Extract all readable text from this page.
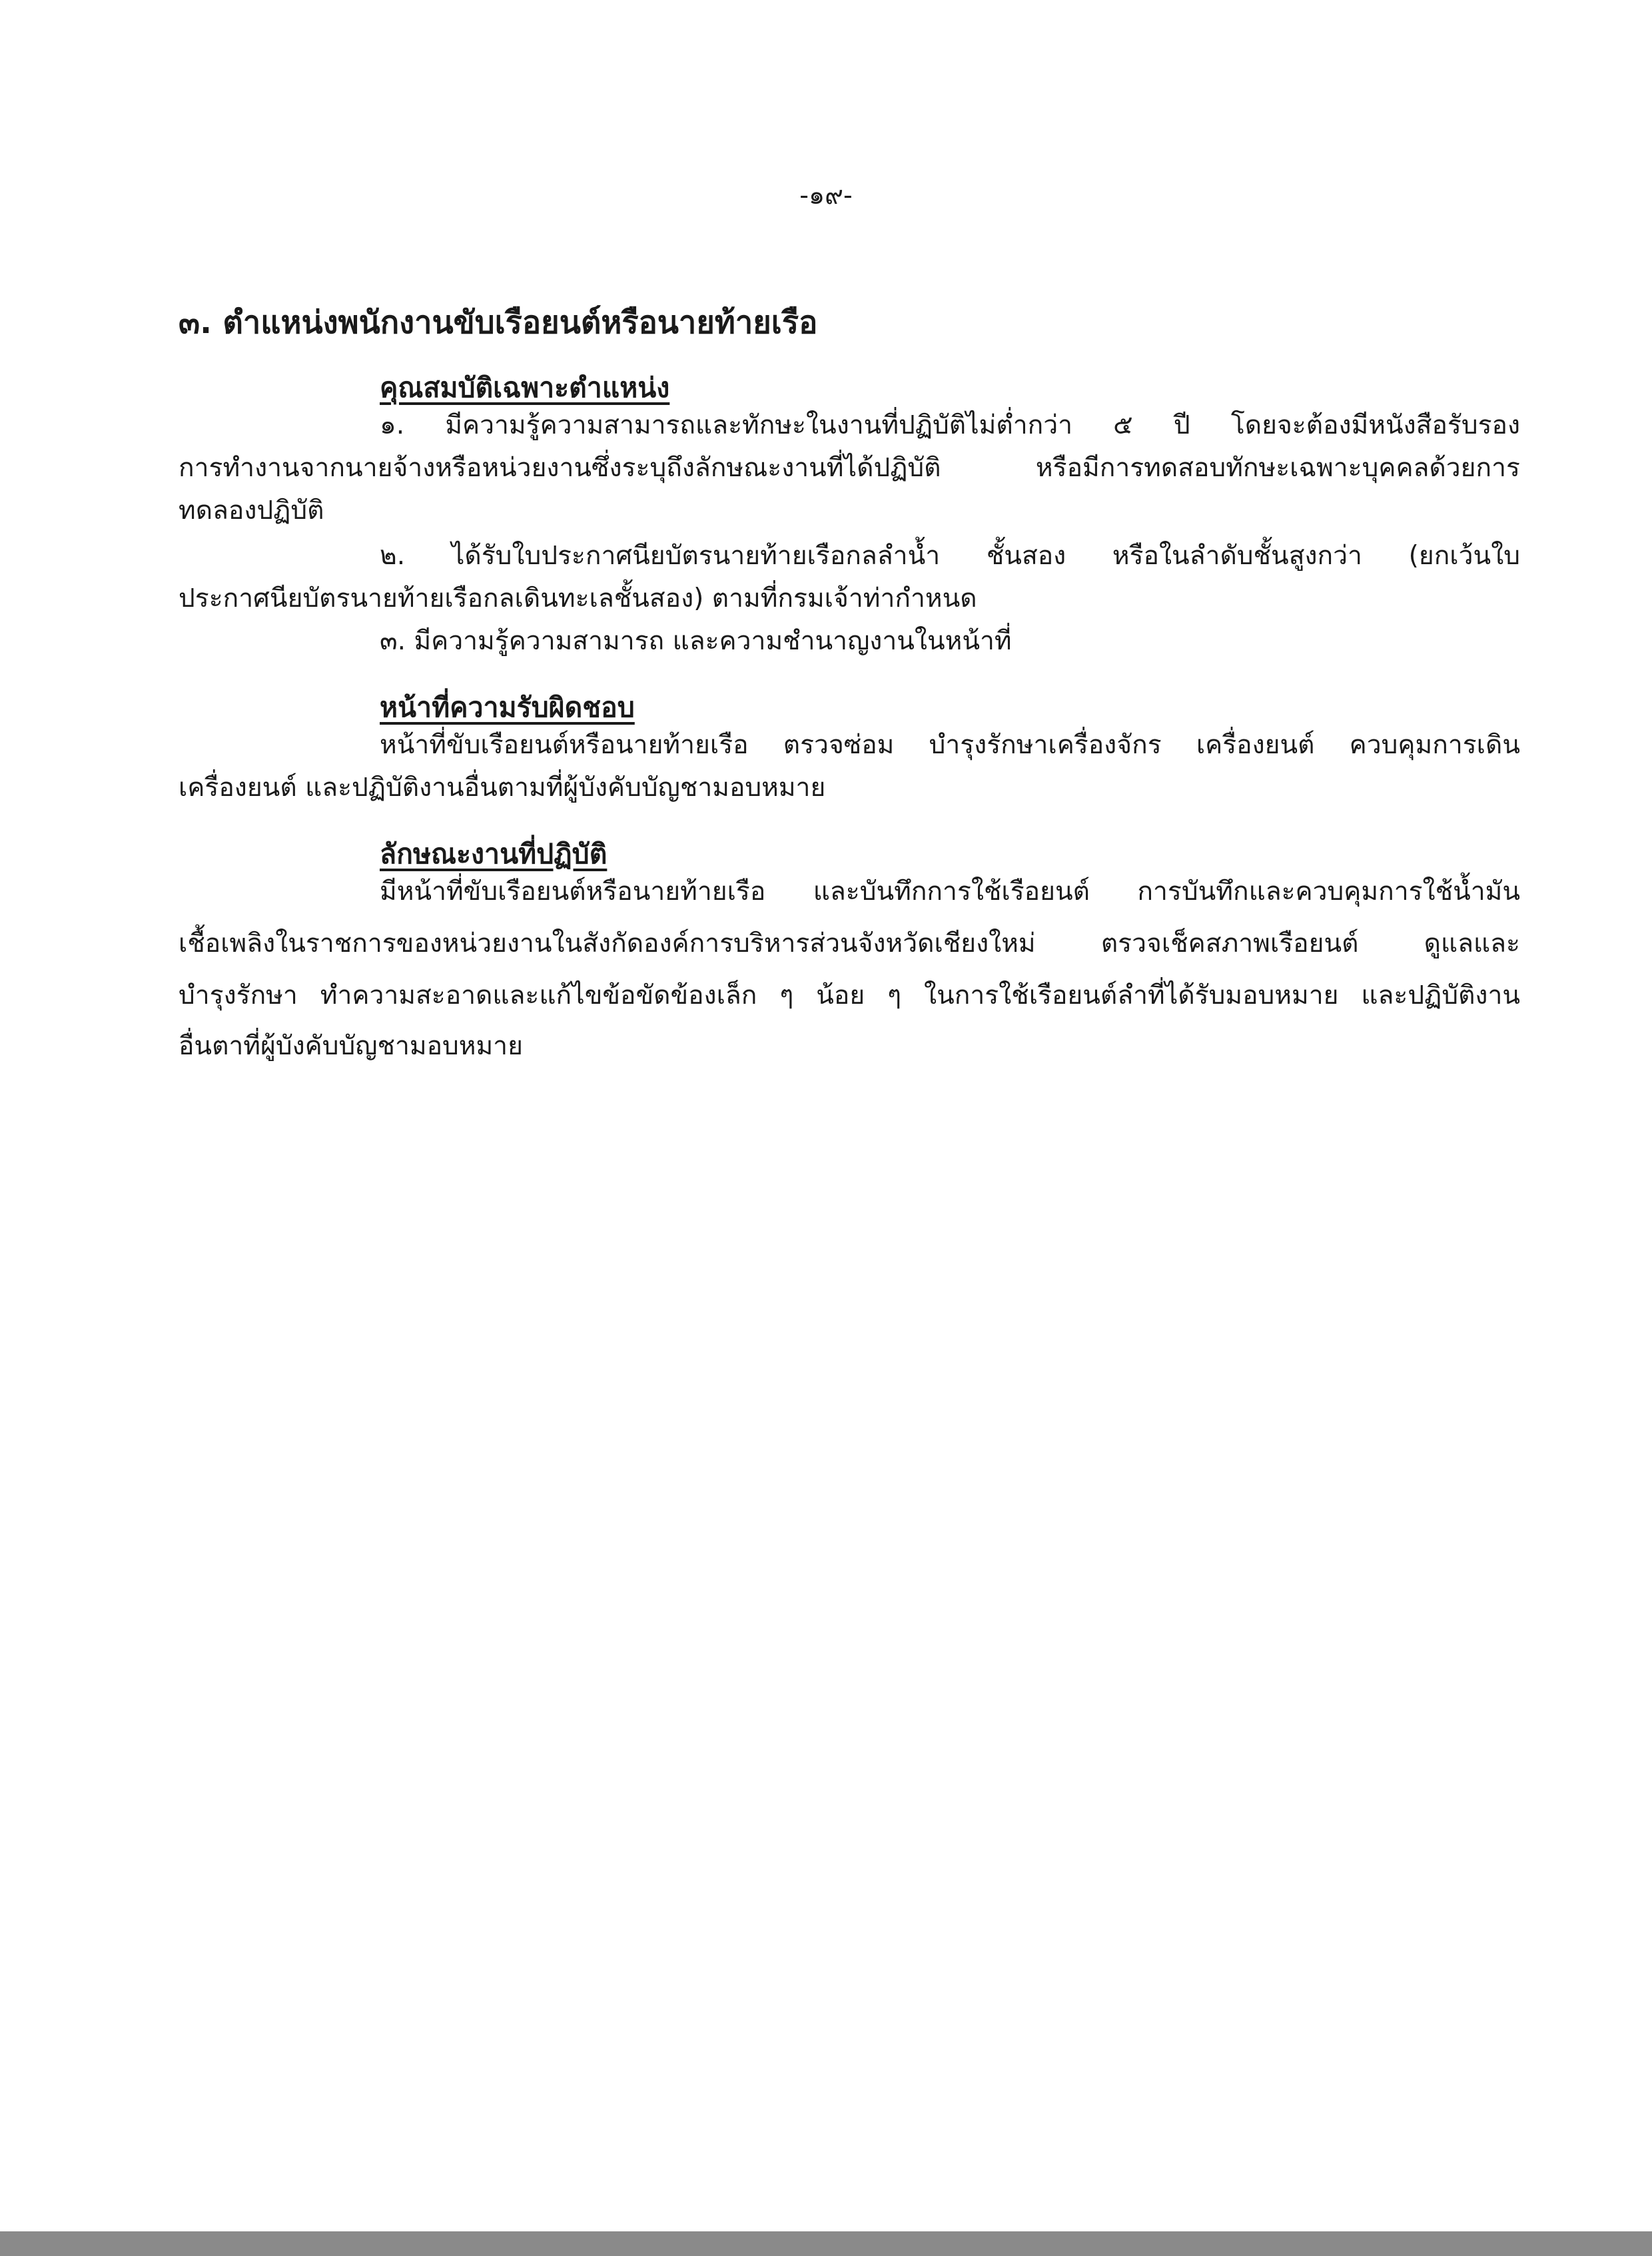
-๑๙-
๓. ตำแหน่งพนักงานขับเรือยนต์หรือนายท้ายเรือ
คุณสมบัติเฉพาะตำแหน่ง
๑. มีความรู้ความสามารถและทักษะในงานที่ปฏิบัติไม่ต่ำกว่า ๕ ปี โดยจะต้องมีหนังสือรับรอง
การทำงานจากนายจ้างหรือหน่วยงานซึ่งระบุถึงลักษณะงานที่ได้ปฏิบัติ หรือมีการทดสอบทักษะเฉพาะบุคคลด้วยการ
ทดลองปฏิบัติ
๒. ได้รับใบประกาศนียบัตรนายท้ายเรือกลลำน้ำ ชั้นสอง หรือในลำดับชั้นสูงกว่า (ยกเว้นใบ
ประกาศนียบัตรนายท้ายเรือกลเดินทะเลชั้นสอง) ตามที่กรมเจ้าท่ากำหนด
๓. มีความรู้ความสามารถ และความชำนาญงานในหน้าที่
หน้าที่ความรับผิดชอบ
หน้าที่ขับเรือยนต์หรือนายท้ายเรือ ตรวจซ่อม บำรุงรักษาเครื่องจักร เครื่องยนต์ ควบคุมการเดิน
เครื่องยนต์ และปฏิบัติงานอื่นตามที่ผู้บังคับบัญชามอบหมาย
ลักษณะงานที่ปฏิบัติ
มีหน้าที่ขับเรือยนต์หรือนายท้ายเรือ และบันทึกการใช้เรือยนต์ การบันทึกและควบคุมการใช้น้ำมัน
เชื้อเพลิงในราชการของหน่วยงานในสังกัดองค์การบริหารส่วนจังหวัดเชียงใหม่ ตรวจเช็คสภาพเรือยนต์ ดูแลและ
บำรุงรักษา ทำความสะอาดและแก้ไขข้อขัดข้องเล็ก ๆ น้อย ๆ ในการใช้เรือยนต์ลำที่ได้รับมอบหมาย และปฏิบัติงาน
อื่นตาที่ผู้บังคับบัญชามอบหมาย
